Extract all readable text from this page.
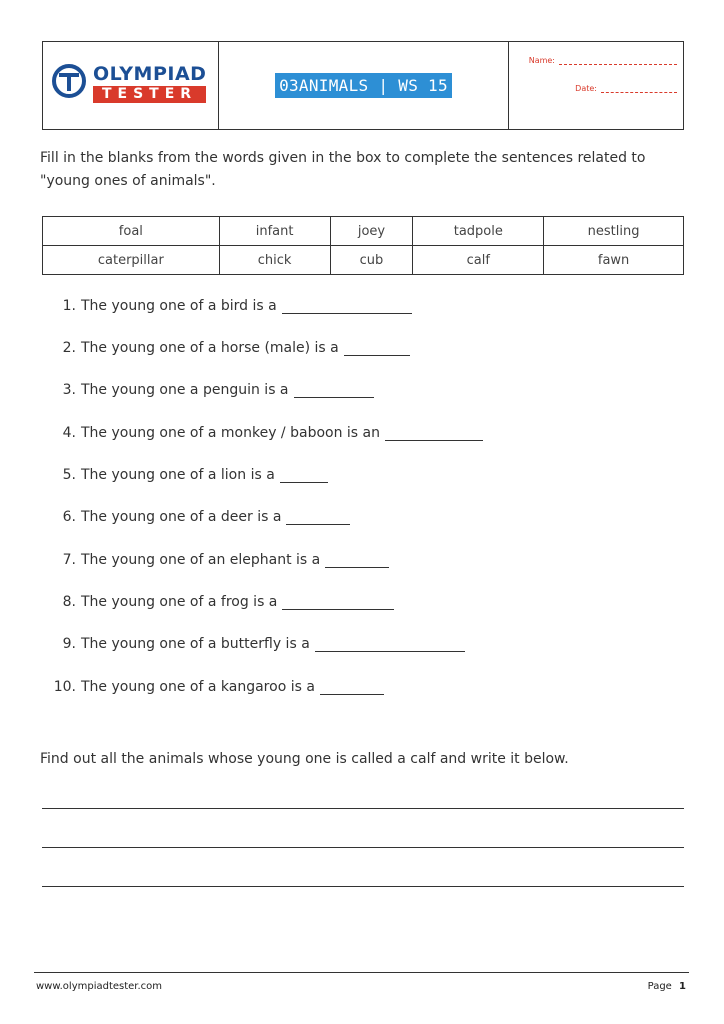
OLYMPIAD
TESTER	03ANIMALS | WS 15
Name:
Date:
Fill in the blanks from the words given in the box to complete the sentences related to "young ones of animals".
foal	infant	joey	tadpole	nestling
caterpillar	chick	cub	calf	fawn
1. The young one of a bird is a
2. The young one of a horse (male) is a
3. The young one a penguin is a
4. The young one of a monkey / baboon is an
5. The young one of a lion is a
6. The young one of a deer is a
7. The young one of an elephant is a
8. The young one of a frog is a
9. The young one of a butterfly is a
10. The young one of a kangaroo is a
Find out all the animals whose young one is called a calf and write it below.
www.olympiadtester.com	Page 1
